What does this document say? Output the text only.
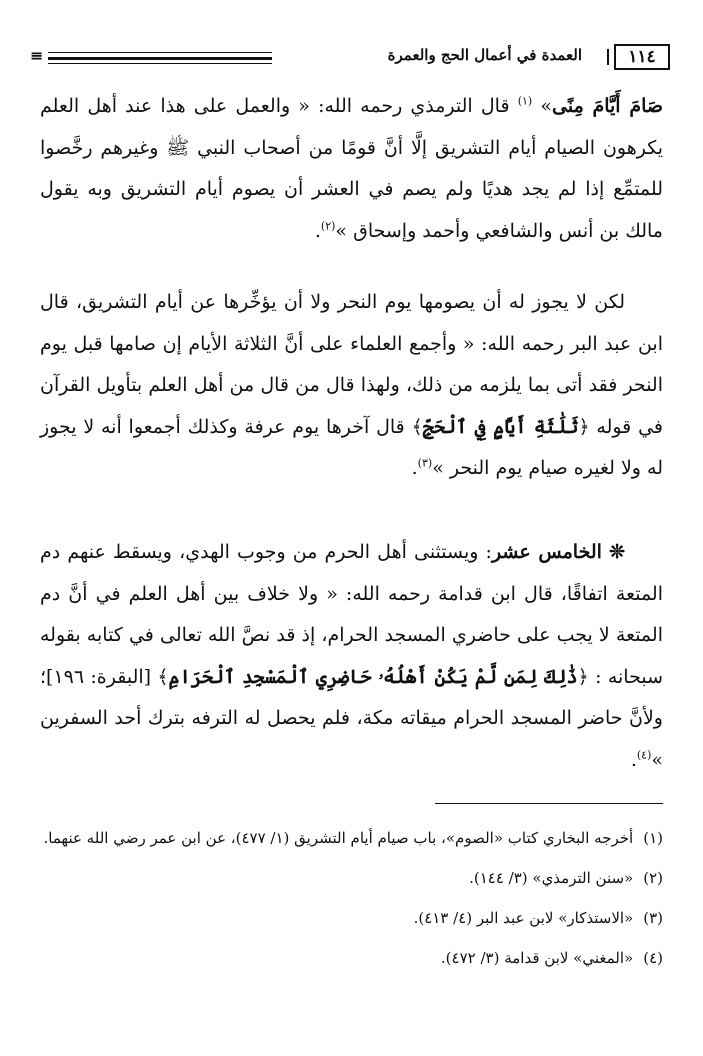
١١٤
العمدة في أعمال الحج والعمرة
≡

صَامَ أَيَّامَ مِنًى» $^{(١)}$ قال الترمذي رحمه الله: « والعمل على هذا عند أهل العلم يكرهون الصيام أيام التشريق إلَّا أنَّ قومًا من أصحاب النبي ﷺ وغيرهم رخَّصوا للمتمِّع إذا لم يجد هديًا ولم يصم في العشر أن يصوم أيام التشريق وبه يقول مالك بن أنس والشافعي وأحمد وإسحاق »$^{(٢)}$.

لكن لا يجوز له أن يصومها يوم النحر ولا أن يؤخِّرها عن أيام التشريق، قال ابن عبد البر رحمه الله: « وأجمع العلماء على أنَّ الثلاثة الأيام إن صامها قبل يوم النحر فقد أتى بما يلزمه من ذلك، ولهذا قال من قال من أهل العلم بتأويل القرآن في قوله ﴿ثَلَٰثَةِ أَيَّامٍ فِي ٱلْحَجِّ﴾ قال آخرها يوم عرفة وكذلك أجمعوا أنه لا يجوز له ولا لغيره صيام يوم النحر »$^{(٣)}$.

❊ الخامس عشر: ويستثنى أهل الحرم من وجوب الهدي، ويسقط عنهم دم المتعة اتفاقًا، قال ابن قدامة رحمه الله: « ولا خلاف بين أهل العلم في أنَّ دم المتعة لا يجب على حاضري المسجد الحرام، إذ قد نصَّ الله تعالى في كتابه بقوله سبحانه : ﴿ذَٰلِكَ لِمَن لَّمْ يَكُنْ أَهْلُهُۥ حَاضِرِي ٱلْمَسْجِدِ ٱلْحَرَامِ﴾ [البقرة: ١٩٦]؛ ولأنَّ حاضر المسجد الحرام ميقاته مكة، فلم يحصل له الترفه بترك أحد السفرين »$^{(٤)}$.

(١)أخرجه البخاري كتاب «الصوم»، باب صيام أيام التشريق (١/ ٤٧٧)، عن ابن عمر رضي الله عنهما.
(٢)«سنن الترمذي» (٣/ ١٤٤).
(٣)«الاستذكار» لابن عبد البر (٤/ ٤١٣).
(٤)«المغني» لابن قدامة (٣/ ٤٧٢).
